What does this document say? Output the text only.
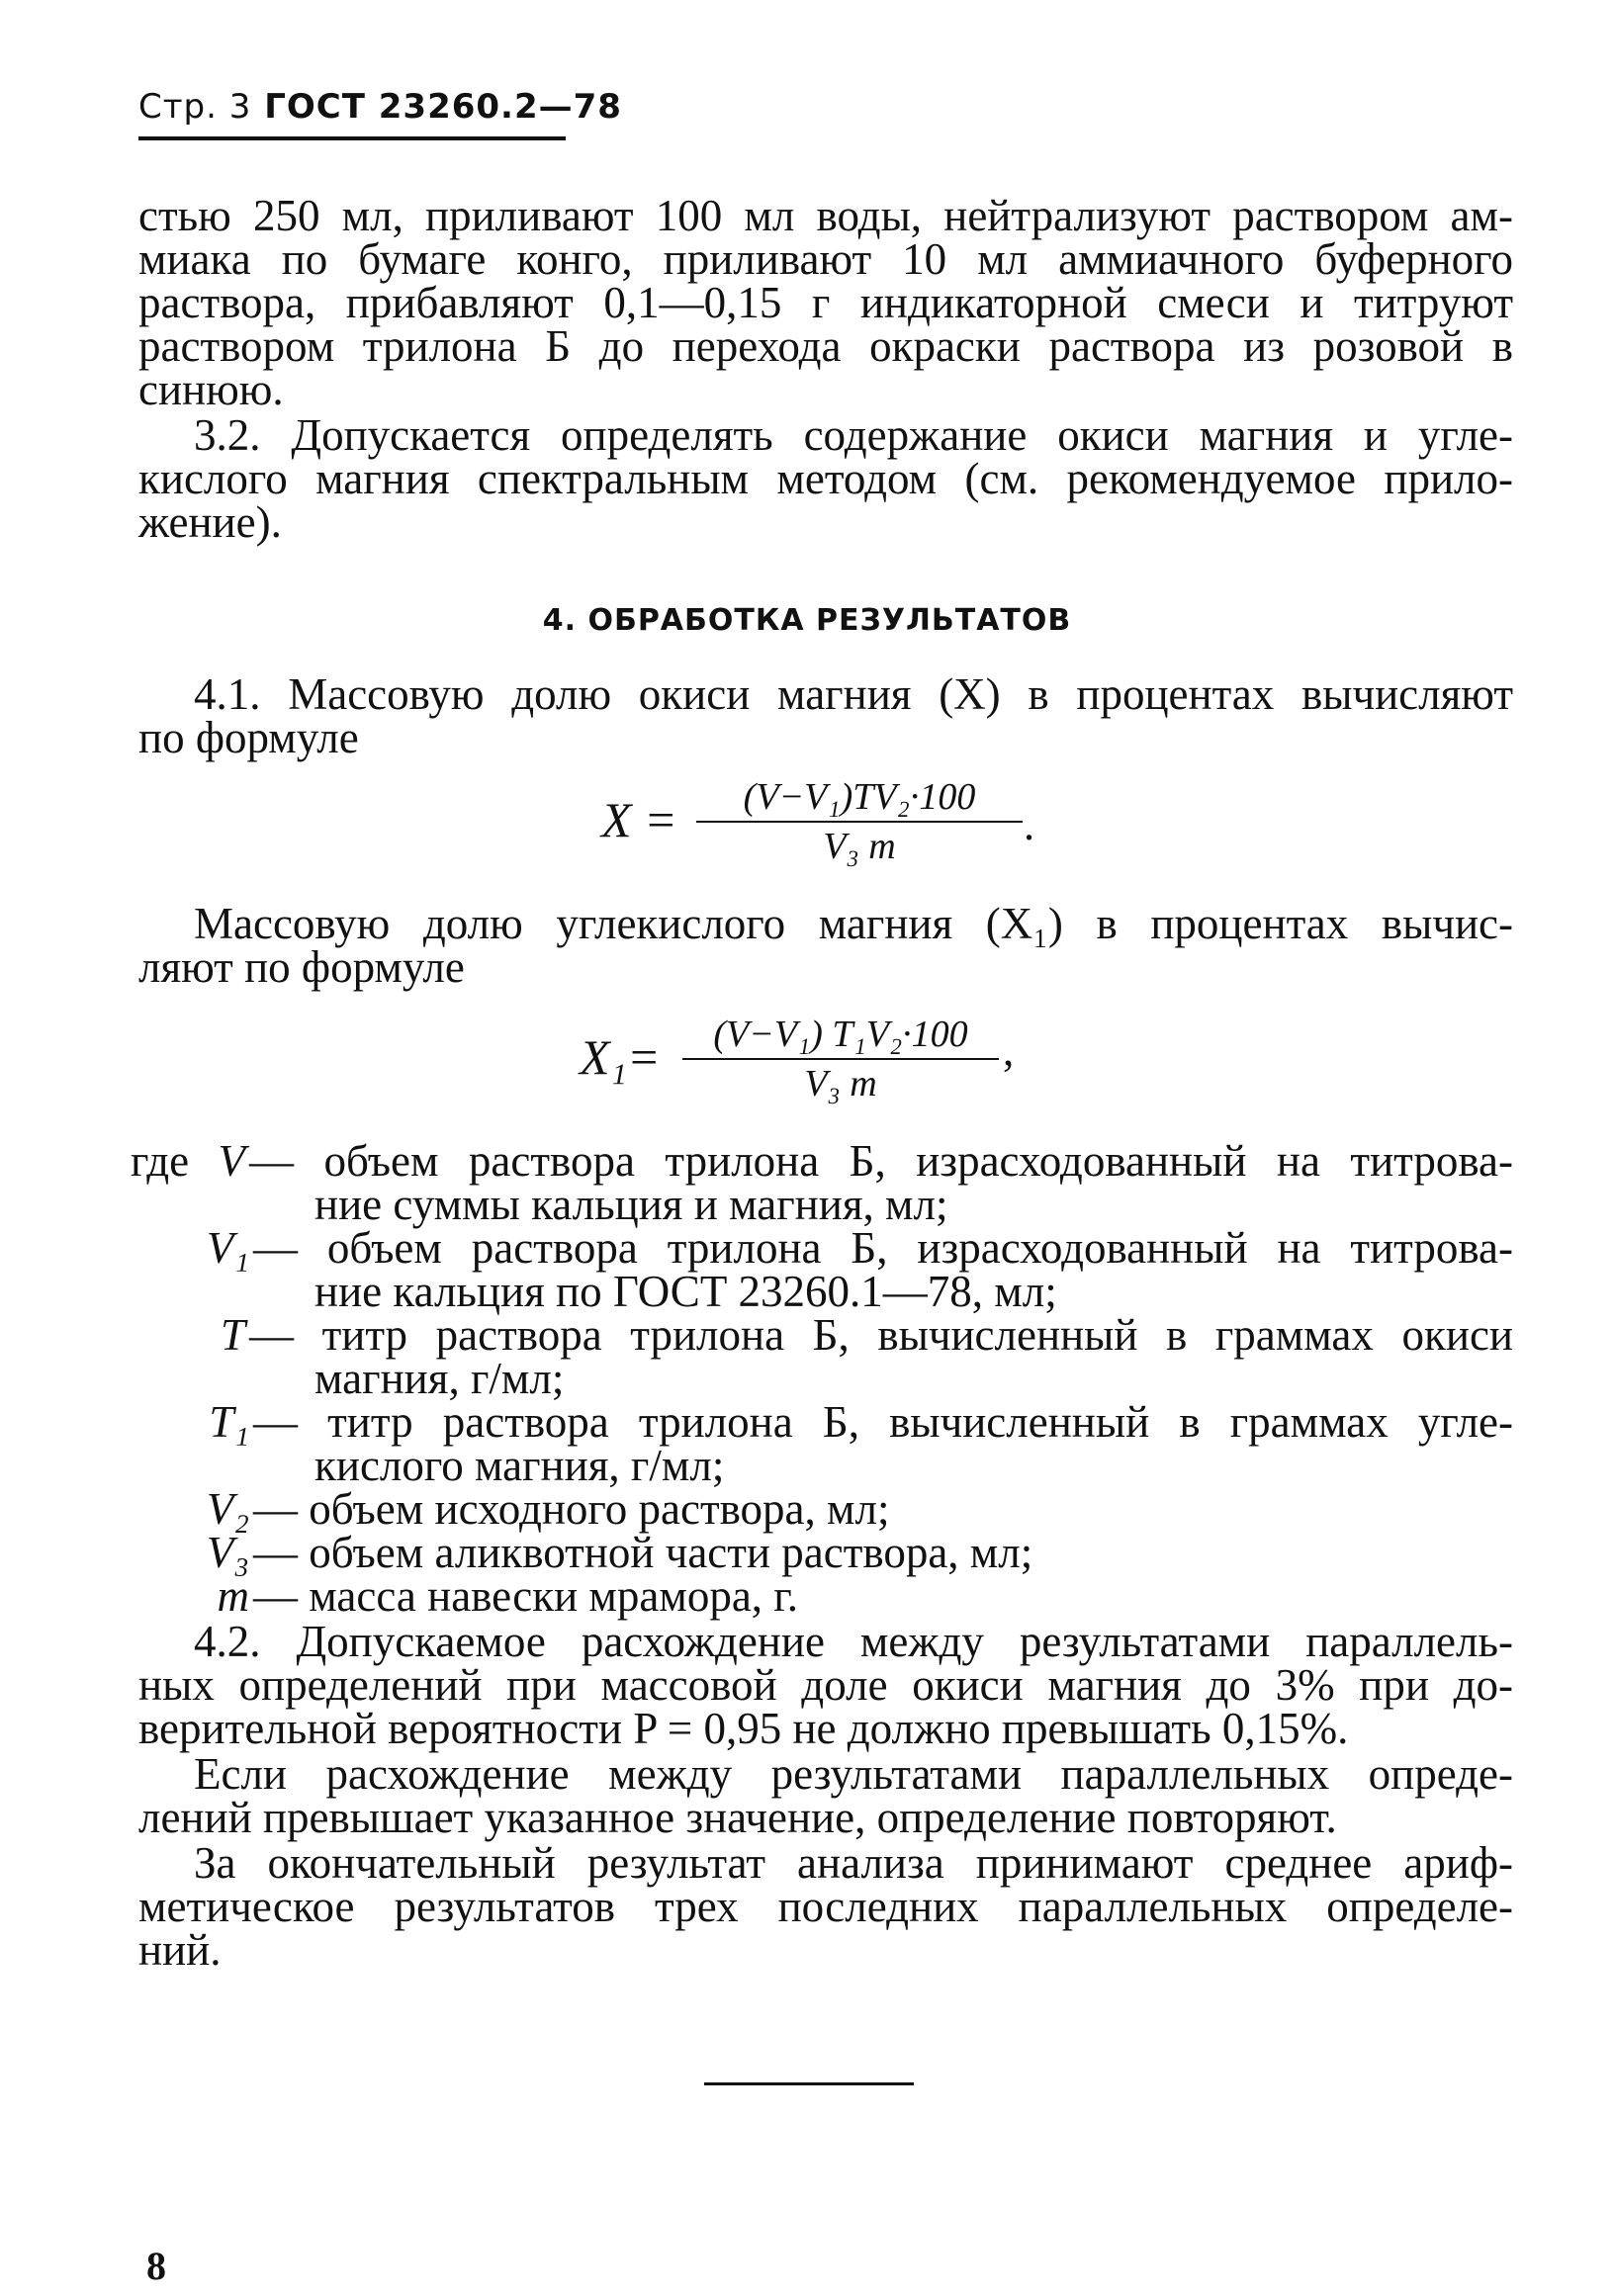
Стр. 3 ГОСТ 23260.2—78
стью 250 мл, приливают 100 мл воды, нейтрализуют раствором ам-
миака по бумаге конго, приливают 10 мл аммиачного буферного
раствора, прибавляют 0,1—0,15 г индикаторной смеси и титруют
раствором трилона Б до перехода окраски раствора из розовой в
синюю.
3.2. Допускается определять содержание окиси магния и угле-
кислого магния спектральным методом (см. рекомендуемое прило-
жение).
4. ОБРАБОТКА РЕЗУЛЬТАТОВ
4.1. Массовую долю окиси магния (X) в процентах вычисляют
по формуле
X =	(V−V₁)TV₂·100
V₃ m	.
Массовую долю углекислого магния (X₁) в процентах вычис-
ляют по формуле
X₁=	(V−V₁) T₁V₂·100
V₃ m
,
где V — объем раствора трилона Б, израсходованный на титрова-
ние суммы кальция и магния, мл;
V₁ — объем раствора трилона Б, израсходованный на титрова-
ние кальция по ГОСТ 23260.1—78, мл;
T — титр раствора трилона Б, вычисленный в граммах окиси
магния, г/мл;
T₁ — титр раствора трилона Б, вычисленный в граммах угле-
кислого магния, г/мл;
V₂ — объем исходного раствора, мл;
V₃ — объем аликвотной части раствора, мл;
m — масса навески мрамора, г.
4.2. Допускаемое расхождение между результатами параллель-
ных определений при массовой доле окиси магния до 3% при до-
верительной вероятности P = 0,95 не должно превышать 0,15%.
Если расхождение между результатами параллельных опреде-
лений превышает указанное значение, определение повторяют.
За окончательный результат анализа принимают среднее ариф-
метическое результатов трех последних параллельных определе-
ний.
8
